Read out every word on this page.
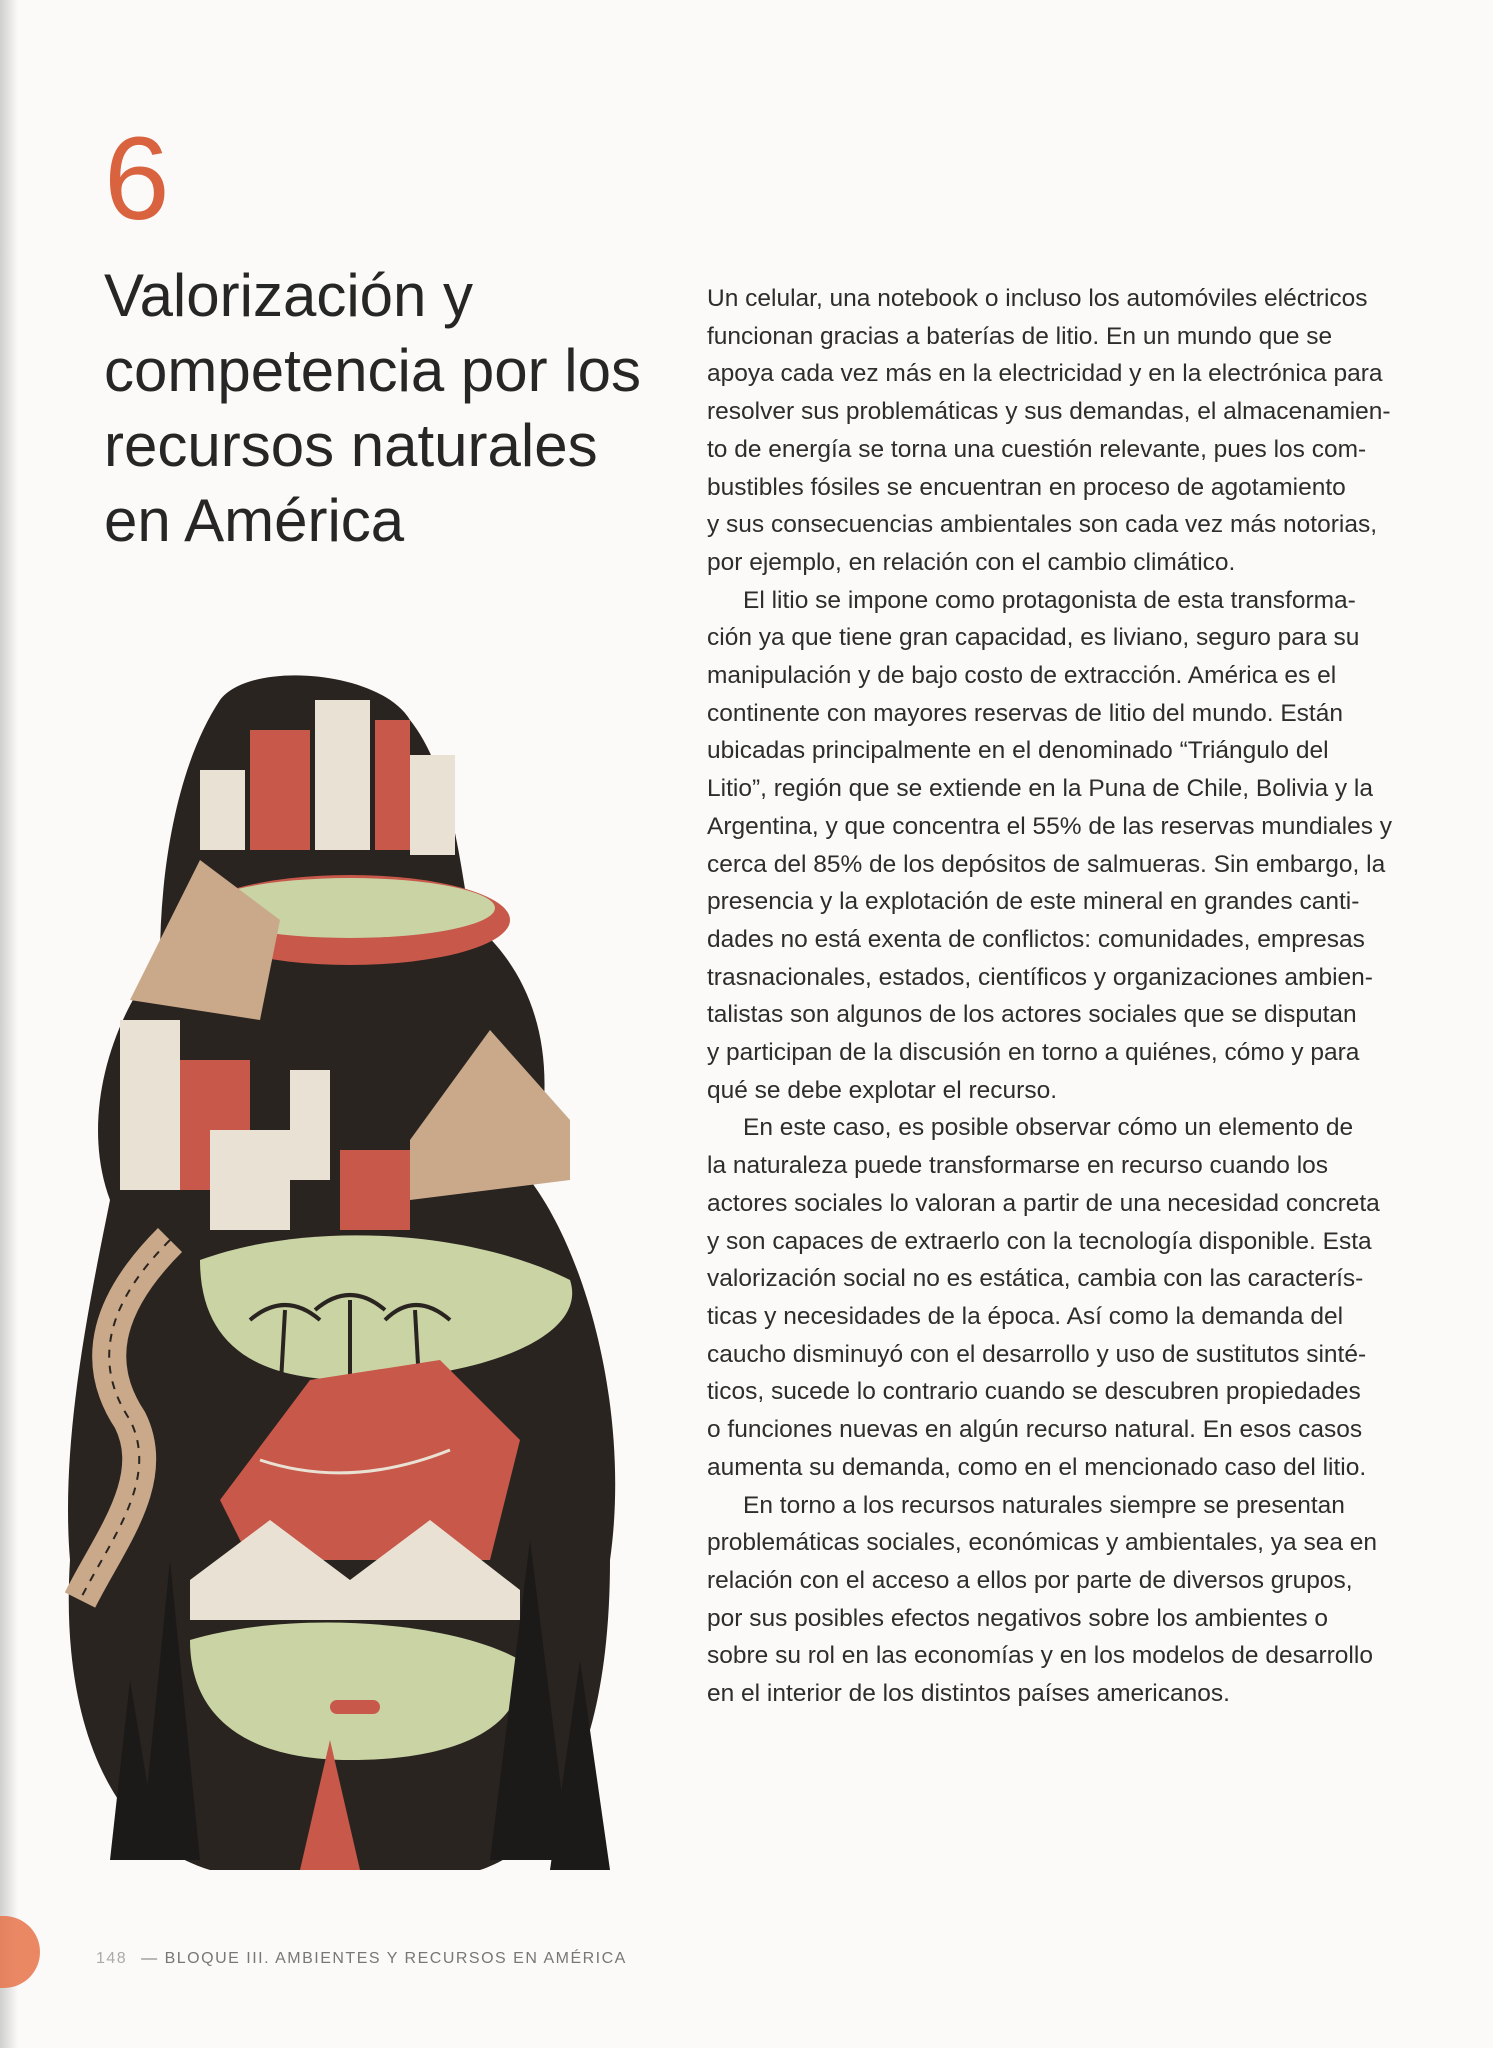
6
Valorización y
competencia por los
recursos naturales
en América

Un celular, una notebook o incluso los automóviles eléctricos
funcionan gracias a baterías de litio. En un mundo que se
apoya cada vez más en la electricidad y en la electrónica para
resolver sus problemáticas y sus demandas, el almacenamien-
to de energía se torna una cuestión relevante, pues los com-
bustibles fósiles se encuentran en proceso de agotamiento
y sus consecuencias ambientales son cada vez más notorias,
por ejemplo, en relación con el cambio climático.

El litio se impone como protagonista de esta transforma-
ción ya que tiene gran capacidad, es liviano, seguro para su
manipulación y de bajo costo de extracción. América es el
continente con mayores reservas de litio del mundo. Están
ubicadas principalmente en el denominado “Triángulo del
Litio”, región que se extiende en la Puna de Chile, Bolivia y la
Argentina, y que concentra el 55% de las reservas mundiales y
cerca del 85% de los depósitos de salmueras. Sin embargo, la
presencia y la explotación de este mineral en grandes canti-
dades no está exenta de conflictos: comunidades, empresas
trasnacionales, estados, científicos y organizaciones ambien-
talistas son algunos de los actores sociales que se disputan
y participan de la discusión en torno a quiénes, cómo y para
qué se debe explotar el recurso.

En este caso, es posible observar cómo un elemento de
la naturaleza puede transformarse en recurso cuando los
actores sociales lo valoran a partir de una necesidad concreta
y son capaces de extraerlo con la tecnología disponible. Esta
valorización social no es estática, cambia con las caracterís-
ticas y necesidades de la época. Así como la demanda del
caucho disminuyó con el desarrollo y uso de sustitutos sinté-
ticos, sucede lo contrario cuando se descubren propiedades
o funciones nuevas en algún recurso natural. En esos casos
aumenta su demanda, como en el mencionado caso del litio.

En torno a los recursos naturales siempre se presentan
problemáticas sociales, económicas y ambientales, ya sea en
relación con el acceso a ellos por parte de diversos grupos,
por sus posibles efectos negativos sobre los ambientes o
sobre su rol en las economías y en los modelos de desarrollo
en el interior de los distintos países americanos.

148 — BLOQUE III. AMBIENTES Y RECURSOS EN AMÉRICA
